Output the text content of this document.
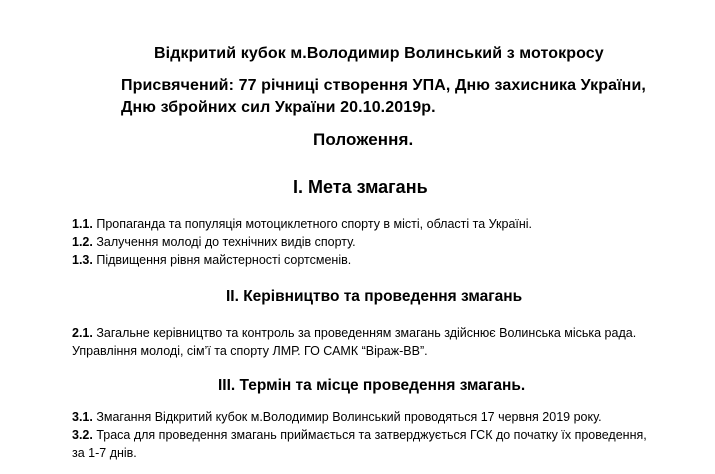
Відкритий кубок м.Володимир Волинський з мотокросу
Присвячений: 77 річниці створення УПА, Дню захисника України,
Дню збройних сил України 20.10.2019р.
Положення.
І. Мета змагань
1.1. Пропаганда та популяція мотоциклетного спорту в місті, області та Україні.
1.2. Залучення молоді до технічних видів спорту.
1.3. Підвищення рівня майстерності сортсменів.
ІІ. Керівництво та проведення змагань
2.1. Загальне керівництво та контроль за проведенням змагань здійснює Волинська міська рада.
Управління молоді, сім’ї та спорту ЛМР. ГО САМК “Віраж-ВВ”.
ІІІ. Термін та місце проведення змагань.
3.1. Змагання Відкритий кубок м.Володимир Волинський проводяться 17 червня 2019 року.
3.2. Траса для проведення змагань приймається та затверджується ГСК до початку їх проведення,
за 1-7 днів.
